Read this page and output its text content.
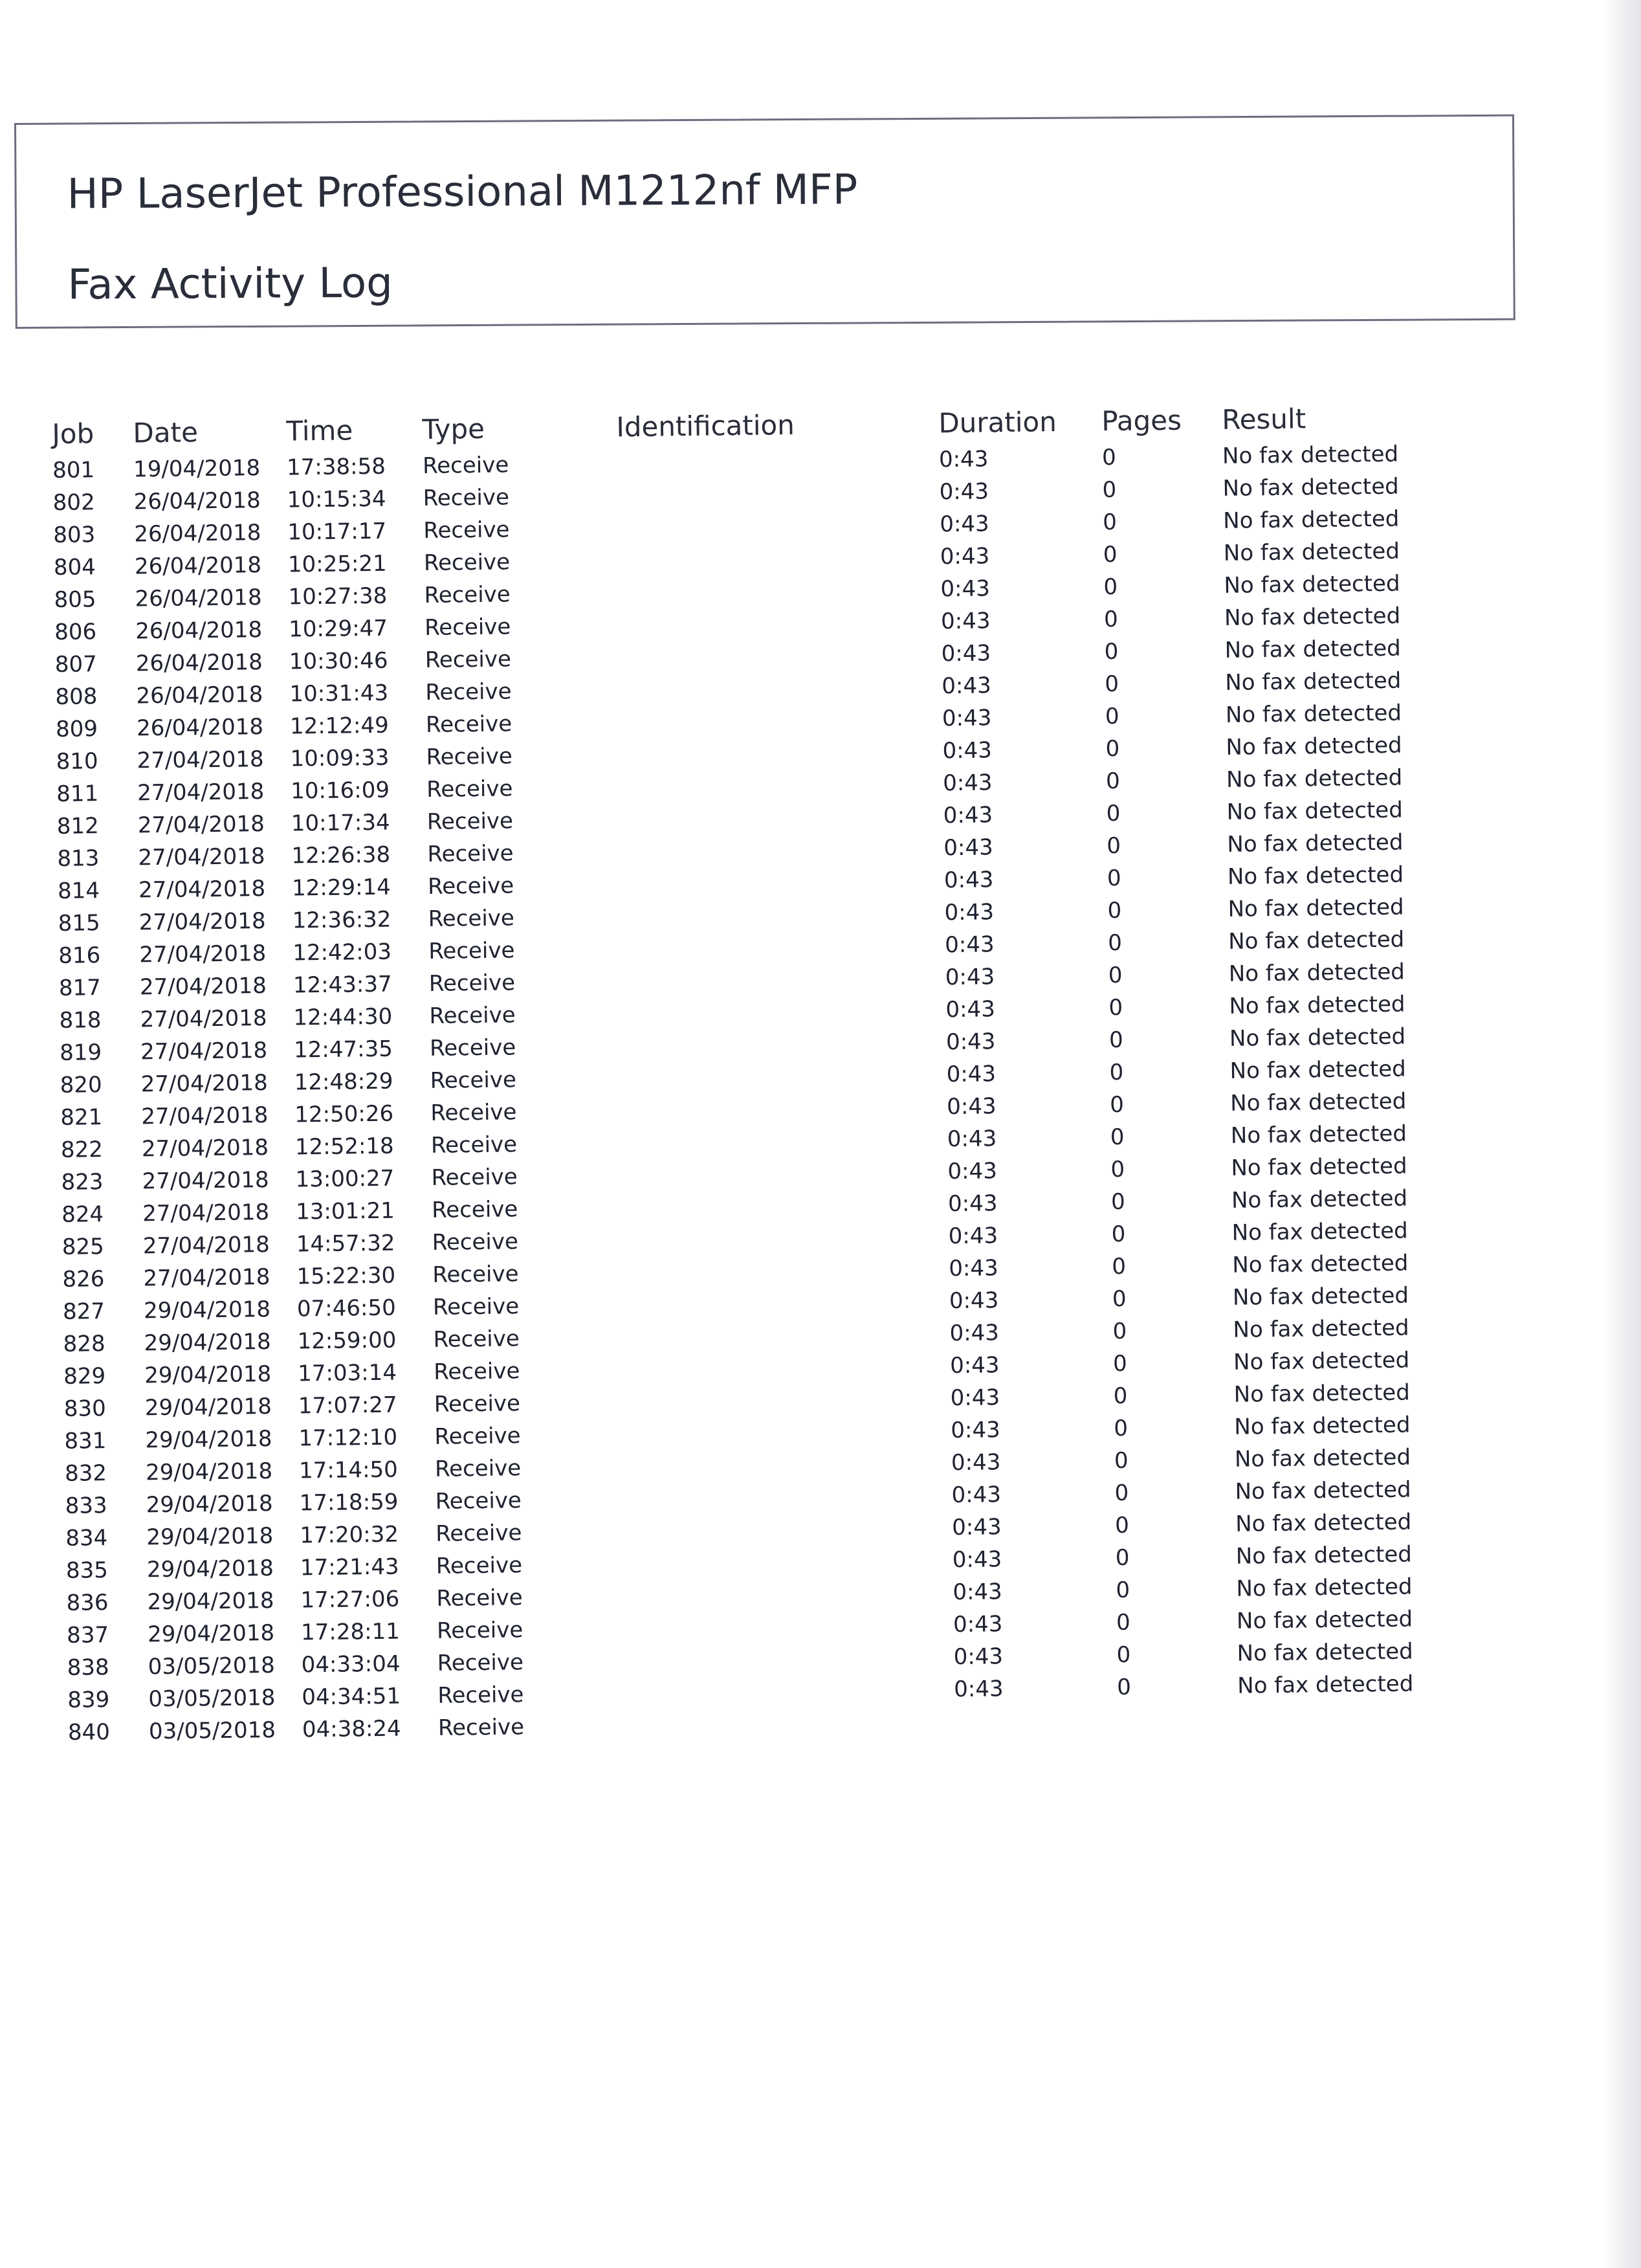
HP LaserJet Professional M1212nf MFP
Fax Activity Log
Job Date	Time	Type	Identification	Duration Pages Result
801 19/04/2018 17:38:58 Receive	0:43	0	No fax detected
802 26/04/2018 10:15:34 Receive	0:43	0	No fax detected
803 26/04/2018 10:17:17 Receive	0:43	0	No fax detected
804 26/04/2018 10:25:21 Receive	0:43	0	No fax detected
805 26/04/2018 10:27:38 Receive	0:43	0	No fax detected
806 26/04/2018 10:29:47 Receive	0:43	0	No fax detected
807 26/04/2018 10:30:46 Receive	0:43	0	No fax detected
808 26/04/2018 10:31:43 Receive	0:43	0	No fax detected
809 26/04/2018 12:12:49 Receive	0:43	0	No fax detected
810 27/04/2018 10:09:33 Receive	0:43	0	No fax detected
811 27/04/2018 10:16:09 Receive	0:43	0	No fax detected
812 27/04/2018 10:17:34 Receive	0:43	0	No fax detected
813 27/04/2018 12:26:38 Receive	0:43	0	No fax detected
814 27/04/2018 12:29:14 Receive	0:43	0	No fax detected
815 27/04/2018 12:36:32 Receive	0:43	0	No fax detected
816 27/04/2018 12:42:03 Receive	0:43	0	No fax detected
817 27/04/2018 12:43:37 Receive	0:43	0	No fax detected
818 27/04/2018 12:44:30 Receive	0:43	0	No fax detected
819 27/04/2018 12:47:35 Receive	0:43	0	No fax detected
820 27/04/2018 12:48:29 Receive	0:43	0	No fax detected
821 27/04/2018 12:50:26 Receive	0:43	0	No fax detected
822 27/04/2018 12:52:18 Receive	0:43	0	No fax detected
823 27/04/2018 13:00:27 Receive	0:43	0	No fax detected
824 27/04/2018 13:01:21 Receive	0:43	0	No fax detected
825 27/04/2018 14:57:32 Receive	0:43	0	No fax detected
826 27/04/2018 15:22:30 Receive	0:43	0	No fax detected
827 29/04/2018 07:46:50 Receive	0:43	0	No fax detected
828 29/04/2018 12:59:00 Receive	0:43	0	No fax detected
829 29/04/2018 17:03:14 Receive	0:43	0	No fax detected
830 29/04/2018 17:07:27 Receive	0:43	0	No fax detected
831 29/04/2018 17:12:10 Receive	0:43	0	No fax detected
832 29/04/2018 17:14:50 Receive	0:43	0	No fax detected
833 29/04/2018 17:18:59 Receive	0:43	0	No fax detected
834 29/04/2018 17:20:32 Receive	0:43	0	No fax detected
835 29/04/2018 17:21:43 Receive	0:43	0	No fax detected
836 29/04/2018 17:27:06 Receive	0:43	0	No fax detected
837 29/04/2018 17:28:11 Receive	0:43	0	No fax detected
838 03/05/2018 04:33:04 Receive	0:43	0	No fax detected
839 03/05/2018 04:34:51 Receive	0:43	0	No fax detected
840 03/05/2018 04:38:24 Receive
